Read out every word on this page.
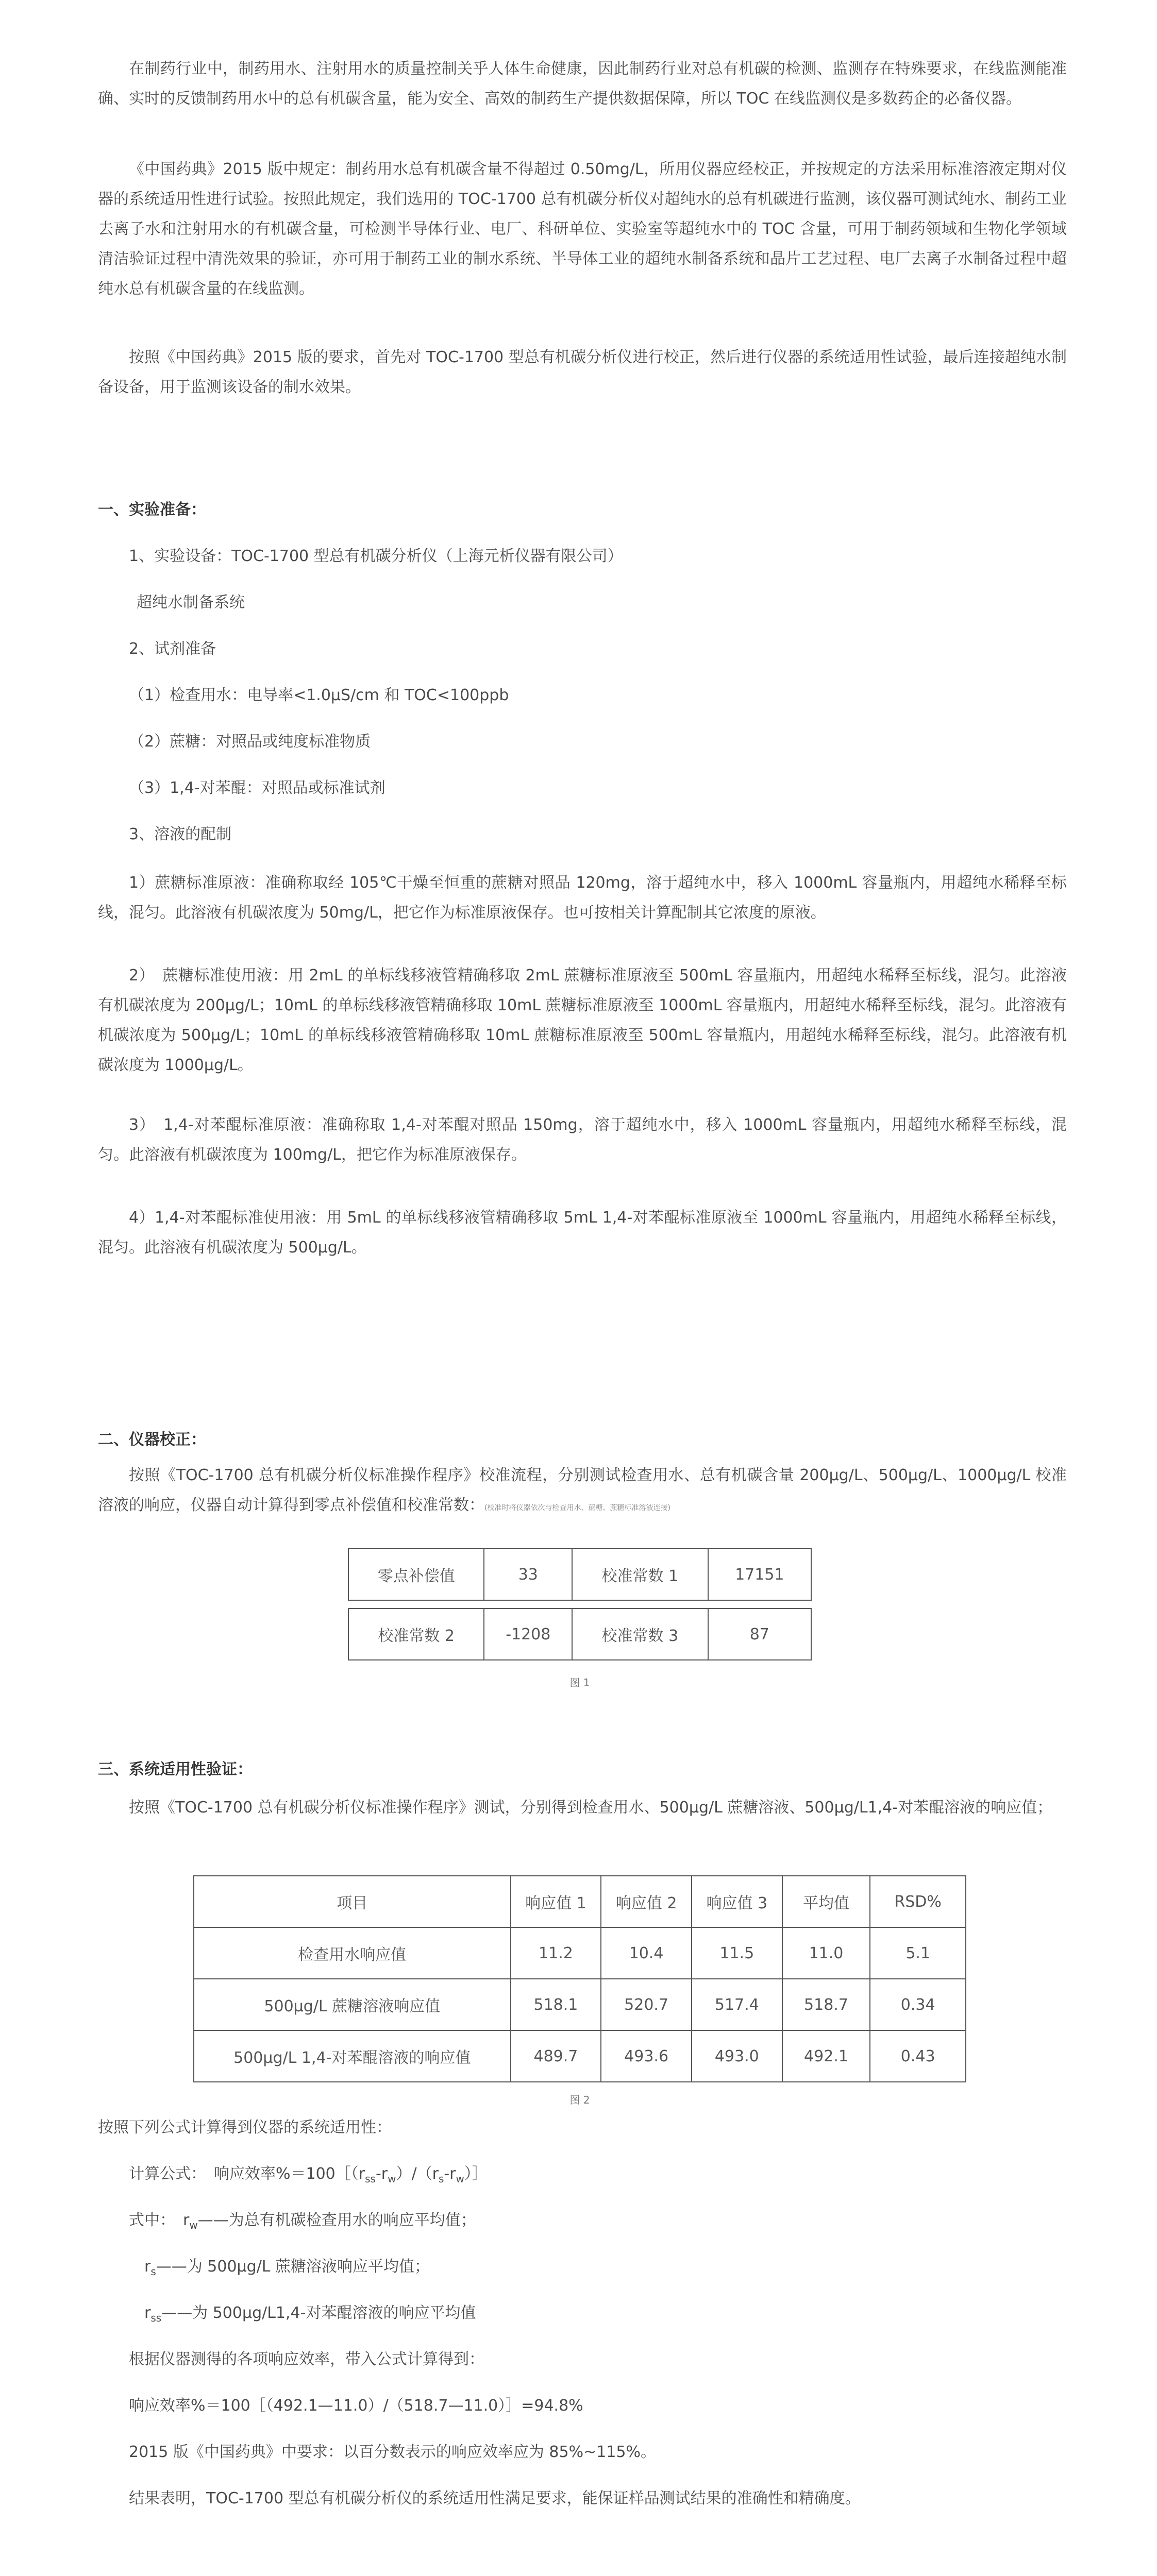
在制药行业中，制药用水、注射用水的质量控制关乎人体生命健康，因此制药行业对总有机碳的检测、监测存在特殊要求，在线监测能准确、实时的反馈制药用水中的总有机碳含量，能为安全、高效的制药生产提供数据保障，所以 TOC 在线监测仪是多数药企的必备仪器。

《中国药典》2015 版中规定：制药用水总有机碳含量不得超过 0.50mg/L，所用仪器应经校正，并按规定的方法采用标准溶液定期对仪器的系统适用性进行试验。按照此规定，我们选用的 TOC-1700 总有机碳分析仪对超纯水的总有机碳进行监测，该仪器可测试纯水、制药工业去离子水和注射用水的有机碳含量，可检测半导体行业、电厂、科研单位、实验室等超纯水中的 TOC 含量，可用于制药领域和生物化学领域清洁验证过程中清洗效果的验证，亦可用于制药工业的制水系统、半导体工业的超纯水制备系统和晶片工艺过程、电厂去离子水制备过程中超纯水总有机碳含量的在线监测。

按照《中国药典》2015 版的要求，首先对 TOC-1700 型总有机碳分析仪进行校正，然后进行仪器的系统适用性试验，最后连接超纯水制备设备，用于监测该设备的制水效果。

一、实验准备：

1、实验设备：TOC-1700 型总有机碳分析仪（上海元析仪器有限公司）

超纯水制备系统

2、试剂准备

（1）检查用水：电导率<1.0μS/cm 和 TOC<100ppb

（2）蔗糖：对照品或纯度标准物质

（3）1,4-对苯醌：对照品或标准试剂

3、溶液的配制

1）蔗糖标准原液：准确称取经 105℃干燥至恒重的蔗糖对照品 120mg，溶于超纯水中，移入 1000mL 容量瓶内，用超纯水稀释至标线，混匀。此溶液有机碳浓度为 50mg/L，把它作为标准原液保存。也可按相关计算配制其它浓度的原液。

2）　蔗糖标准使用液：用 2mL 的单标线移液管精确移取 2mL 蔗糖标准原液至 500mL 容量瓶内，用超纯水稀释至标线，混匀。此溶液有机碳浓度为 200μg/L；10mL 的单标线移液管精确移取 10mL 蔗糖标准原液至 1000mL 容量瓶内，用超纯水稀释至标线，混匀。此溶液有机碳浓度为 500μg/L；10mL 的单标线移液管精确移取 10mL 蔗糖标准原液至 500mL 容量瓶内，用超纯水稀释至标线，混匀。此溶液有机碳浓度为 1000μg/L。

3）　1,4-对苯醌标准原液：准确称取 1,4-对苯醌对照品 150mg，溶于超纯水中，移入 1000mL 容量瓶内，用超纯水稀释至标线，混匀。此溶液有机碳浓度为 100mg/L，把它作为标准原液保存。

4）1,4-对苯醌标准使用液：用 5mL 的单标线移液管精确移取 5mL 1,4-对苯醌标准原液至 1000mL 容量瓶内，用超纯水稀释至标线，混匀。此溶液有机碳浓度为 500μg/L。

二、仪器校正：

按照《TOC-1700 总有机碳分析仪标准操作程序》校准流程，分别测试检查用水、总有机碳含量 200μg/L、500μg/L、1000μg/L 校准溶液的响应，仪器自动计算得到零点补偿值和校准常数：(校准时将仪器依次与检查用水、蔗糖、蔗糖标准溶液连接)

零点补偿值	33	校准常数 1	17151

校准常数 2	-1208	校准常数 3	87

图 1

三、系统适用性验证：

按照《TOC-1700 总有机碳分析仪标准操作程序》测试，分别得到检查用水、500μg/L 蔗糖溶液、500μg/L1,4-对苯醌溶液的响应值；

项目	响应值 1	响应值 2	响应值 3	平均值	RSD%
检查用水响应值	11.2	10.4	11.5	11.0	5.1
500μg/L 蔗糖溶液响应值	518.1	520.7	517.4	518.7	0.34
500μg/L 1,4-对苯醌溶液的响应值	489.7	493.6	493.0	492.1	0.43

图 2

按照下列公式计算得到仪器的系统适用性：

计算公式：　响应效率$\%=100[(r_{ss}-r_w)/(r_s-r_w)]$

式中：　$r_w——$为总有机碳检查用水的响应平均值；

$r_s——$为 500μg/L 蔗糖溶液响应平均值；

$r_{ss}——$为 500μg/L1,4-对苯醌溶液的响应平均值

根据仪器测得的各项响应效率，带入公式计算得到：

响应效率%＝100［（492.1—11.0）/（518.7—11.0）］=94.8%

2015 版《中国药典》中要求：以百分数表示的响应效率应为 85%~115%。

结果表明，TOC-1700 型总有机碳分析仪的系统适用性满足要求，能保证样品测试结果的准确性和精确度。
